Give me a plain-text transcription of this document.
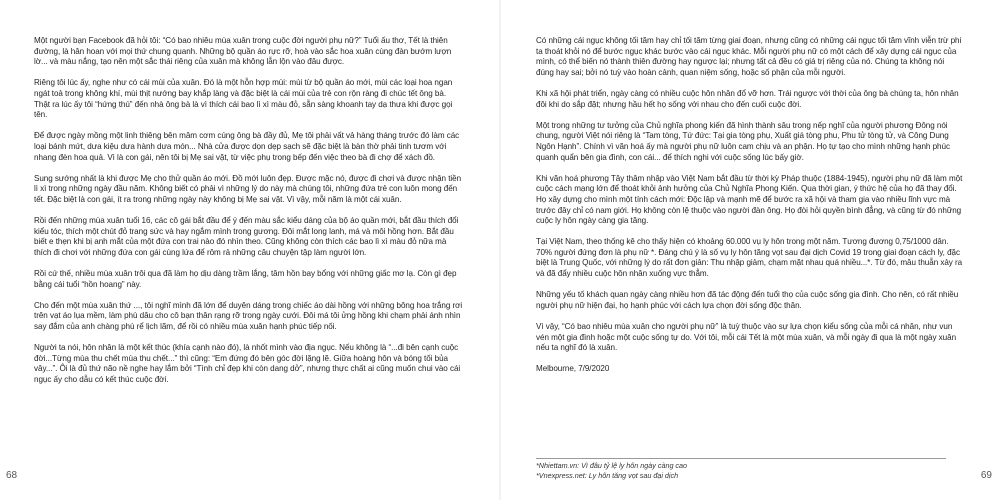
Một người bạn Facebook đã hỏi tôi: “Có bao nhiêu mùa xuân trong cuộc đời người phụ nữ?” Tuổi ấu thơ, Tết là thiên đường, là hân hoan với mọi thứ chung quanh. Những bộ quần áo rực rỡ, hoà vào sắc hoa xuân cùng đàn bướm lượn lờ... và màu nắng, tạo nên một sắc thái riêng của xuân mà không lẫn lộn vào đâu được.

Riêng tôi lúc ấy, nghe như có cái mùi của xuân. Đó là một hỗn hợp mùi: mùi từ bộ quần áo mới, mùi các loại hoa ngan ngát toả trong không khí, mùi thịt nướng bay khắp làng và đặc biệt là cái mùi của trẻ con rộn ràng đi chúc tết ông bà. Thật ra lúc ấy tôi “hứng thú” đến nhà ông bà là vì thích cái bao lì xì màu đỏ, sẵn sàng khoanh tay dạ thưa khi được gọi tên.

Để được ngày mồng một linh thiêng bên mâm cơm cúng ông bà đầy đủ, Mẹ tôi phải vất vả hàng tháng trước đó làm các loại bánh mứt, dưa kiệu dưa hành dưa món... Nhà cửa được dọn dẹp sạch sẽ đặc biệt là bàn thờ phải tinh tươm với nhang đèn hoa quả. Vì là con gái, nên tôi bị Mẹ sai vặt, từ việc phụ trong bếp đến việc theo bà đi chợ để xách đồ.

Sung sướng nhất là khi được Mẹ cho thử quần áo mới. Đồ mới luôn đẹp. Được mặc nó, được đi chơi và được nhận tiền lì xì trong những ngày đầu năm. Không biết có phải vì những lý do này mà chúng tôi, những đứa trẻ con luôn mong đến tết. Đặc biệt là con gái, ít ra trong những ngày này không bị Mẹ sai vặt. Vì vậy, mỗi năm là một cái xuân.

Rồi đến những mùa xuân tuổi 16, các cô gái bắt đầu để ý đến màu sắc kiểu dáng của bộ áo quần mới, bắt đầu thích đổi kiểu tóc, thích một chút đỏ trang sức và hay ngắm mình trong gương. Đôi mắt long lanh, má và môi hồng hơn. Bắt đầu biết e thẹn khi bị anh mắt của một đứa con trai nào đó nhìn theo. Cũng không còn thích các bao lì xì màu đỏ nữa mà thích đi chơi với những đứa con gái cùng lứa để rôm rả những câu chuyện tập làm người lớn.

Rồi cứ thế, nhiều mùa xuân trôi qua đã làm họ dịu dàng trầm lắng, tâm hồn bay bổng với những giấc mơ lạ. Còn gì đẹp bằng cái tuổi “hồn hoang” này.

Cho đến một mùa xuân thứ ..., tôi nghĩ mình đã lớn để duyên dáng trong chiếc áo dài hồng với những bông hoa trắng rơi trên vạt áo lụa mềm, làm phù dâu cho cô bạn thân rạng rỡ trong ngày cưới. Đôi má tôi ửng hồng khi chạm phải ánh nhìn say đắm của anh chàng phù rể lịch lãm, để rồi có nhiều mùa xuân hạnh phúc tiếp nối.

Người ta nói, hôn nhân là một kết thúc (khía cạnh nào đó), là nhốt mình vào địa ngục. Nếu không là “...đi bên cạnh cuộc đời...Từng mùa thu chết mùa thu chết...” thì cũng: “Em đứng đó bên góc đời lặng lẽ. Giữa hoàng hôn và bóng tối bủa vây...”. Ôi là đủ thứ não nề nghe hay lắm bởi “Tình chỉ đẹp khi còn dang dở”, nhưng thực chất ai cũng muốn chui vào cái ngục ấy cho dẫu có kết thúc cuộc đời.

68

Có những cái ngục không tối tăm hay chỉ tối tăm từng giai đoạn, nhưng cũng có những cái ngục tối tăm vĩnh viễn trừ phi ta thoát khỏi nó để bước ngục khác bước vào cái ngục khác. Mỗi người phụ nữ có một cách để xây dựng cái ngục của mình, có thể biến nó thành thiên đường hay ngược lại; nhưng tất cả đều có giá trị riêng của nó. Chúng ta không nói đúng hay sai; bởi nó tuỳ vào hoàn cảnh, quan niệm sống, hoặc số phận của mỗi người.

Khi xã hội phát triển, ngày càng có nhiều cuộc hôn nhân đổ vỡ hơn. Trái ngược với thời của ông bà chúng ta, hôn nhân đôi khi do sắp đặt; nhưng hầu hết họ sống với nhau cho đến cuối cuộc đời.

Một trong những tư tưởng của Chủ nghĩa phong kiến đã hình thành sâu trong nếp nghĩ của người phương Đông nói chung, người Việt nói riêng là “Tam tòng, Tứ đức: Tại gia tòng phụ, Xuất giá tòng phu, Phu tử tòng tử, và Công Dung Ngôn Hạnh”. Chính vì văn hoá ấy mà người phụ nữ luôn cam chịu và an phận. Họ tự tạo cho mình những hạnh phúc quanh quẩn bên gia đình, con cái... để thích nghi với cuộc sống lúc bấy giờ.

Khi văn hoá phương Tây thâm nhập vào Việt Nam bắt đầu từ thời kỳ Pháp thuộc (1884-1945), người phụ nữ đã làm một cuộc cách mạng lớn để thoát khỏi ảnh hưởng của Chủ Nghĩa Phong Kiến. Qua thời gian, ý thức hệ của họ đã thay đổi. Họ xây dựng cho mình một tính cách mới: Độc lập và mạnh mẽ để bước ra xã hội và tham gia vào nhiều lĩnh vực mà trước đây chỉ có nam giới. Họ không còn lệ thuộc vào người đàn ông. Họ đòi hỏi quyền bình đẳng, và cũng từ đó những cuộc ly hôn ngày càng gia tăng.

Tại Việt Nam, theo thống kê cho thấy hiện có khoảng 60.000 vụ ly hôn trong một năm. Tương đương 0,75/1000 dân. 70% người đứng đơn là phụ nữ *. Đáng chú ý là số vụ ly hôn tăng vọt sau đại dịch Covid 19 trong giai đoạn cách ly, đặc biệt là Trung Quốc, với những lý do rất đơn giản: Thu nhập giảm, chạm mặt nhau quá nhiều...*. Từ đó, mâu thuẫn xảy ra và đã đẩy nhiều cuộc hôn nhân xuống vực thẳm.

Những yếu tố khách quan ngày càng nhiều hơn đã tác động đến tuổi thọ của cuộc sống gia đình. Cho nên, có rất nhiều người phụ nữ hiện đại, họ hạnh phúc với cách lựa chọn đời sống độc thân.

Vì vậy, “Có bao nhiêu mùa xuân cho người phụ nữ” là tuỳ thuộc vào sự lựa chọn kiểu sống của mỗi cá nhân, như vun vén một gia đình hoặc một cuộc sống tự do. Với tôi, mỗi cái Tết là một mùa xuân, và mỗi ngày đi qua là một ngày xuân nếu ta nghĩ đó là xuân.

Melbourne, 7/9/2020

*Nhiettam.vn: Vì đâu tỷ lệ ly hôn ngày càng cao
*Vnexpress.net: Ly hôn tăng vọt sau đại dịch	69
